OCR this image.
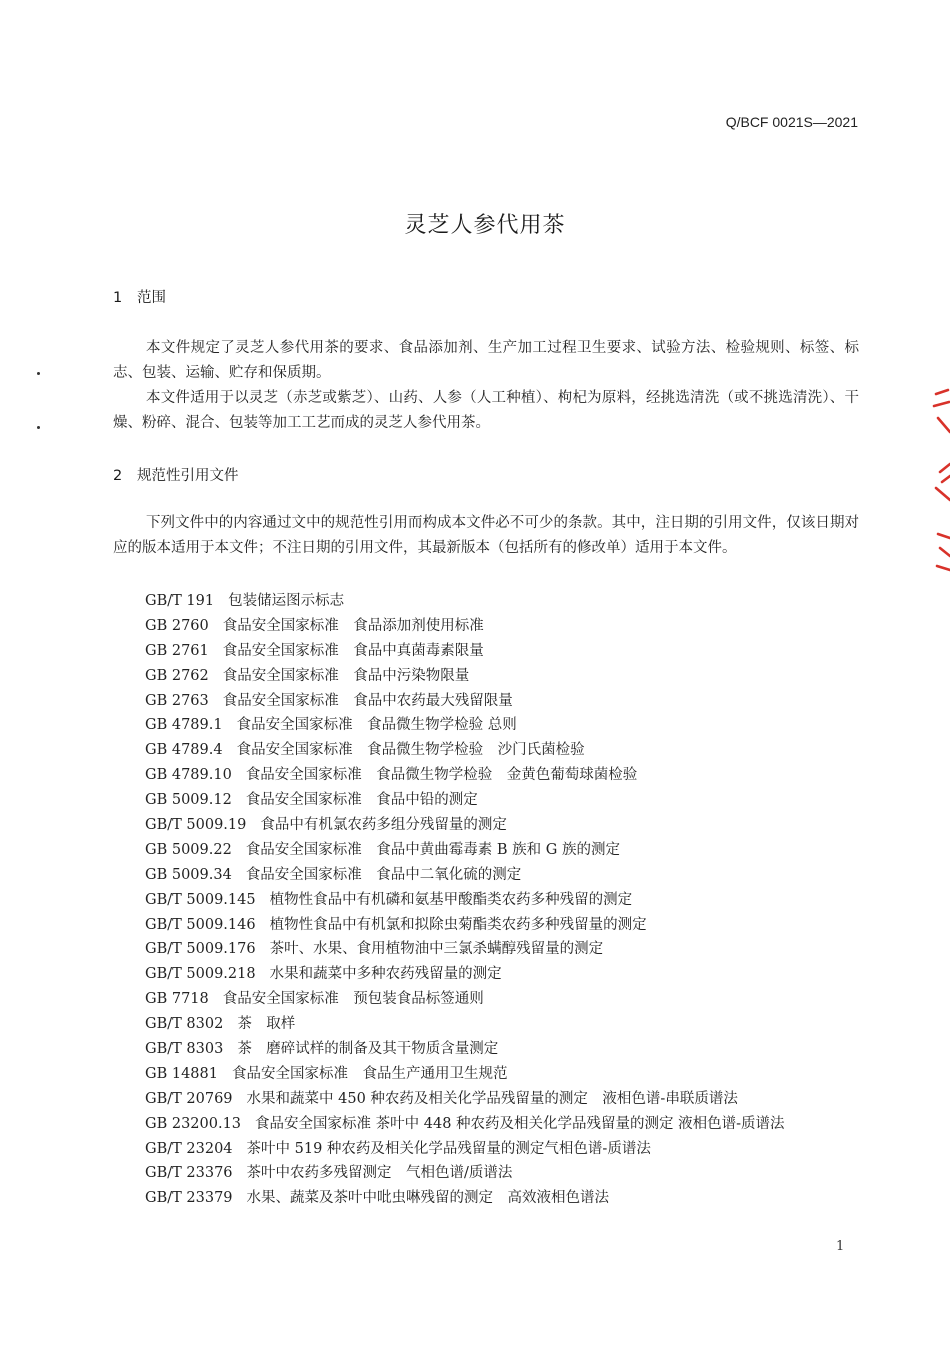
Q/BCF 0021S—2021
灵芝人参代用茶
1 范围

本文件规定了灵芝人参代用茶的要求、食品添加剂、生产加工过程卫生要求、试验方法、检验规则、标签、标志、包装、运输、贮存和保质期。

本文件适用于以灵芝（赤芝或紫芝）、山药、人参（人工种植）、枸杞为原料，经挑选清洗（或不挑选清洗）、干燥、粉碎、混合、包装等加工工艺而成的灵芝人参代用茶。

2 规范性引用文件

下列文件中的内容通过文中的规范性引用而构成本文件必不可少的条款。其中，注日期的引用文件，仅该日期对应的版本适用于本文件；不注日期的引用文件，其最新版本（包括所有的修改单）适用于本文件。

GB/T 191 包装储运图示标志
GB 2760 食品安全国家标准　食品添加剂使用标准
GB 2761 食品安全国家标准　食品中真菌毒素限量
GB 2762 食品安全国家标准　食品中污染物限量
GB 2763 食品安全国家标准　食品中农药最大残留限量
GB 4789.1 食品安全国家标准　食品微生物学检验 总则
GB 4789.4 食品安全国家标准　食品微生物学检验　沙门氏菌检验
GB 4789.10 食品安全国家标准　食品微生物学检验　金黄色葡萄球菌检验
GB 5009.12 食品安全国家标准　食品中铅的测定
GB/T 5009.19 食品中有机氯农药多组分残留量的测定
GB 5009.22 食品安全国家标准　食品中黄曲霉毒素 B 族和 G 族的测定
GB 5009.34 食品安全国家标准　食品中二氧化硫的测定
GB/T 5009.145 植物性食品中有机磷和氨基甲酸酯类农药多种残留的测定
GB/T 5009.146 植物性食品中有机氯和拟除虫菊酯类农药多种残留量的测定
GB/T 5009.176 茶叶、水果、食用植物油中三氯杀螨醇残留量的测定
GB/T 5009.218 水果和蔬菜中多种农药残留量的测定
GB 7718 食品安全国家标准　预包装食品标签通则
GB/T 8302 茶　取样
GB/T 8303 茶　磨碎试样的制备及其干物质含量测定
GB 14881 食品安全国家标准　食品生产通用卫生规范
GB/T 20769 水果和蔬菜中 450 种农药及相关化学品残留量的测定　液相色谱-串联质谱法
GB 23200.13 食品安全国家标准 茶叶中 448 种农药及相关化学品残留量的测定 液相色谱-质谱法
GB/T 23204 茶叶中 519 种农药及相关化学品残留量的测定气相色谱-质谱法
GB/T 23376 茶叶中农药多残留测定　气相色谱/质谱法
GB/T 23379 水果、蔬菜及茶叶中吡虫啉残留的测定　高效液相色谱法
1
